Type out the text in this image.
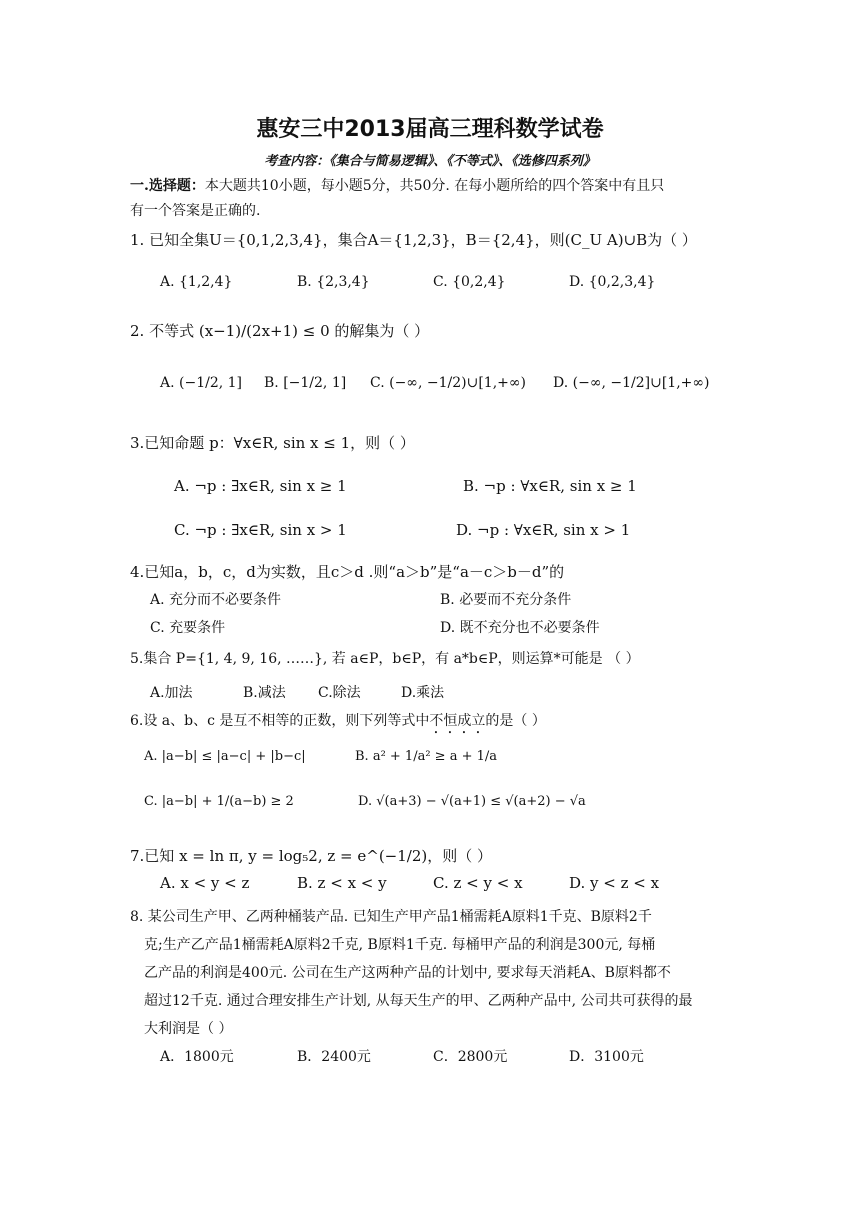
惠安三中2013届高三理科数学试卷
考查内容：《集合与简易逻辑》、《不等式》、《选修四系列》
一.选择题：本大题共10小题，每小题5分，共50分. 在每小题所给的四个答案中有且只
有一个答案是正确的.
1. 已知全集U＝{0,1,2,3,4}，集合A＝{1,2,3}，B＝{2,4}，则(C_U A)∪B为（ ）
A. {1,2,4}	B. {2,3,4}	C. {0,2,4}	D. {0,2,3,4}
2. 不等式 (x−1)/(2x+1) ≤ 0 的解集为（ ）
A. (−1/2, 1] B. [−1/2, 1] C. (−∞, −1/2)∪[1,+∞) D. (−∞, −1/2]∪[1,+∞)
3.已知命题 p：∀x∈R, sin x ≤ 1，则（ ）
A. ¬p : ∃x∈R, sin x ≥ 1	B. ¬p : ∀x∈R, sin x ≥ 1
C. ¬p : ∃x∈R, sin x > 1	D. ¬p : ∀x∈R, sin x > 1
4.已知a，b，c，d为实数，且c＞d .则“a＞b”是“a－c＞b－d”的
A. 充分而不必要条件	B. 必要而不充分条件
C. 充要条件	D. 既不充分也不必要条件
5.集合 P={1, 4, 9, 16, ……}, 若 a∈P，b∈P，有 a*b∈P，则运算*可能是 （ ）
A.加法	B.减法 C.除法	D.乘法
6.设 a、b、c 是互不相等的正数，则下列等式中不恒成立的是（ ）
A. |a−b| ≤ |a−c| + |b−c|	B. a² + 1/a² ≥ a + 1/a
C. |a−b| + 1/(a−b) ≥ 2	D. √(a+3) − √(a+1) ≤ √(a+2) − √a
7.已知 x = ln π, y = log₅2, z = e^(−1/2)，则（ ）
A. x < y < z	B. z < x < y	C. z < y < x	D. y < z < x
8. 某公司生产甲、乙两种桶装产品. 已知生产甲产品1桶需耗A原料1千克、B原料2千
克;生产乙产品1桶需耗A原料2千克, B原料1千克. 每桶甲产品的利润是300元, 每桶
乙产品的利润是400元. 公司在生产这两种产品的计划中, 要求每天消耗A、B原料都不
超过12千克. 通过合理安排生产计划, 从每天生产的甲、乙两种产品中, 公司共可获得的最
大利润是（ ）
A．1800元	B．2400元	C．2800元	D．3100元
